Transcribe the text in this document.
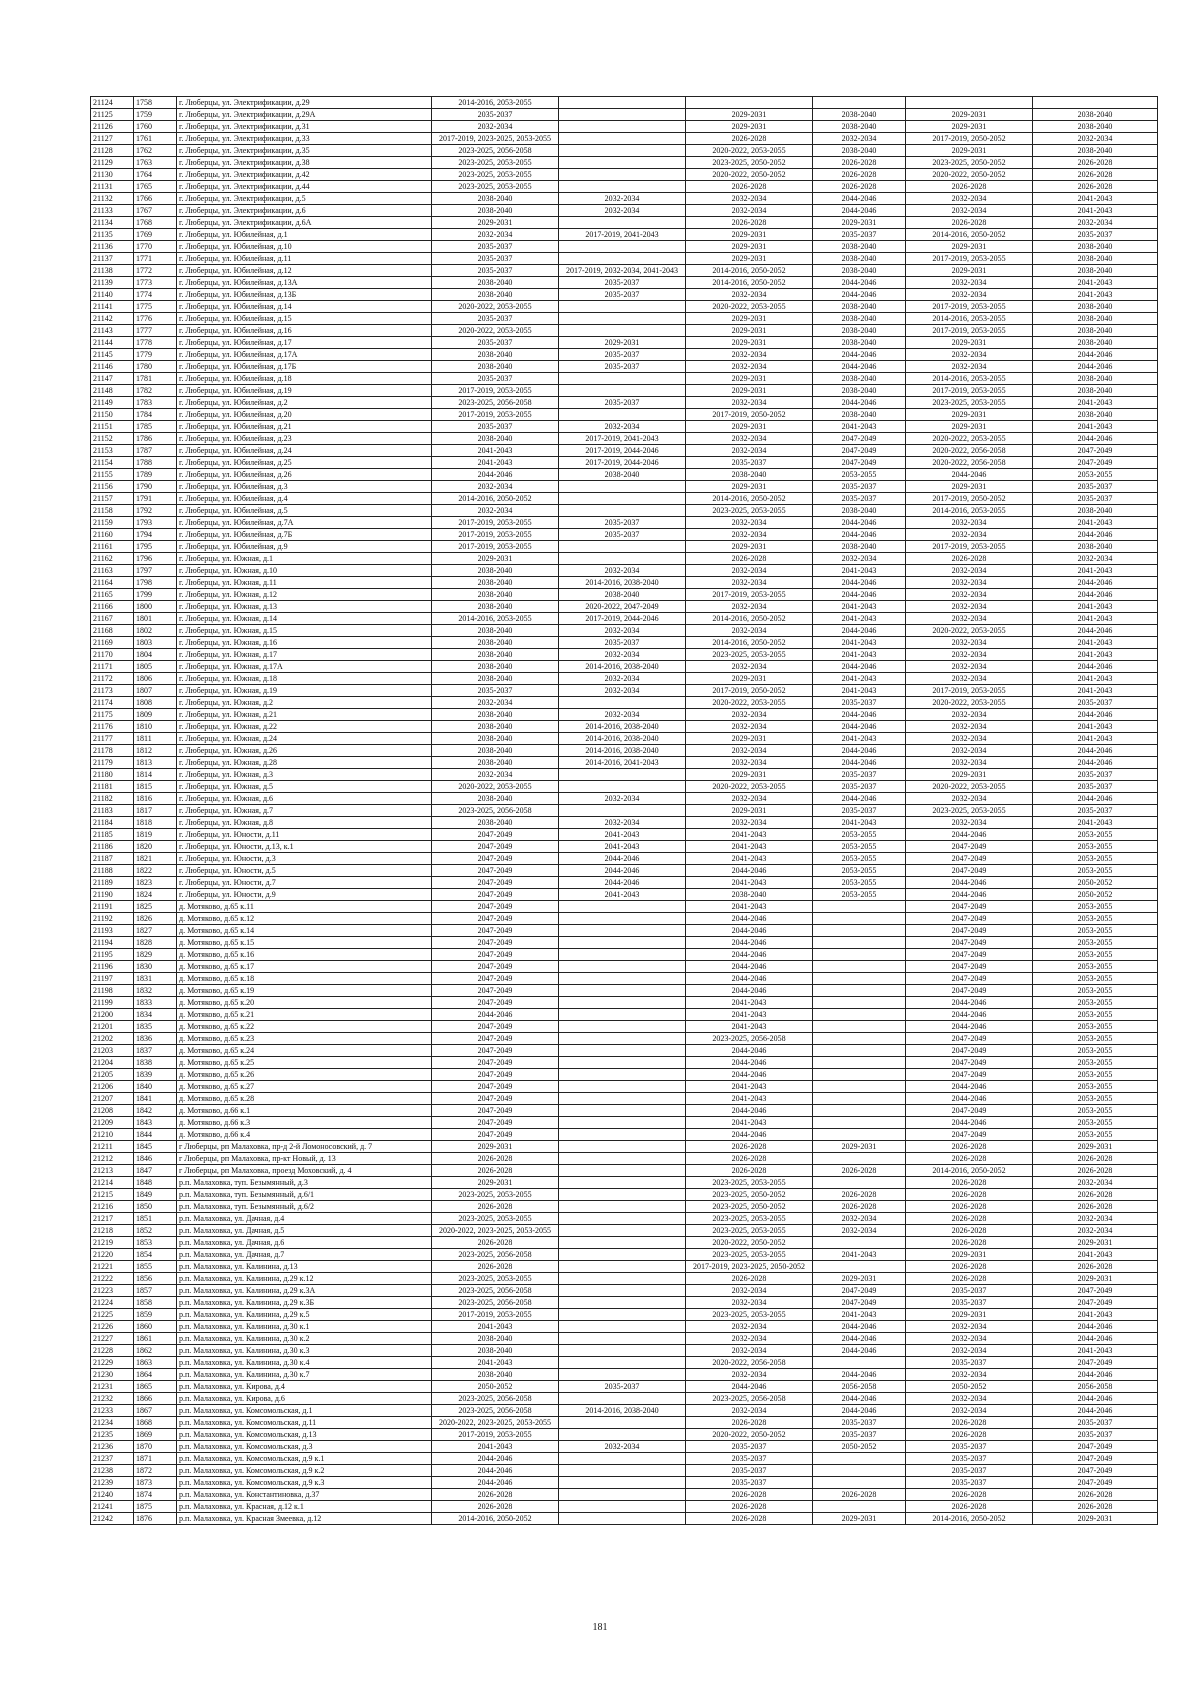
21124	1758	г. Люберцы, ул. Электрификации, д.29	2014-2016, 2053-2055					
21125	1759	г. Люберцы, ул. Электрификации, д.29А	2035-2037		2029-2031	2038-2040	2029-2031	2038-2040
21126	1760	г. Люберцы, ул. Электрификации, д.31	2032-2034		2029-2031	2038-2040	2029-2031	2038-2040
21127	1761	г. Люберцы, ул. Электрификации, д.33	2017-2019, 2023-2025, 2053-2055		2026-2028	2032-2034	2017-2019, 2050-2052	2032-2034
21128	1762	г. Люберцы, ул. Электрификации, д.35	2023-2025, 2056-2058		2020-2022, 2053-2055	2038-2040	2029-2031	2038-2040
21129	1763	г. Люберцы, ул. Электрификации, д.38	2023-2025, 2053-2055		2023-2025, 2050-2052	2026-2028	2023-2025, 2050-2052	2026-2028
21130	1764	г. Люберцы, ул. Электрификации, д.42	2023-2025, 2053-2055		2020-2022, 2050-2052	2026-2028	2020-2022, 2050-2052	2026-2028
21131	1765	г. Люберцы, ул. Электрификации, д.44	2023-2025, 2053-2055		2026-2028	2026-2028	2026-2028	2026-2028
21132	1766	г. Люберцы, ул. Электрификации, д.5	2038-2040	2032-2034	2032-2034	2044-2046	2032-2034	2041-2043
21133	1767	г. Люберцы, ул. Электрификации, д.6	2038-2040	2032-2034	2032-2034	2044-2046	2032-2034	2041-2043
21134	1768	г. Люберцы, ул. Электрификации, д.6А	2029-2031		2026-2028	2029-2031	2026-2028	2032-2034
21135	1769	г. Люберцы, ул. Юбилейная, д.1	2032-2034	2017-2019, 2041-2043	2029-2031	2035-2037	2014-2016, 2050-2052	2035-2037
21136	1770	г. Люберцы, ул. Юбилейная, д.10	2035-2037		2029-2031	2038-2040	2029-2031	2038-2040
21137	1771	г. Люберцы, ул. Юбилейная, д.11	2035-2037		2029-2031	2038-2040	2017-2019, 2053-2055	2038-2040
21138	1772	г. Люберцы, ул. Юбилейная, д.12	2035-2037	2017-2019, 2032-2034, 2041-2043	2014-2016, 2050-2052	2038-2040	2029-2031	2038-2040
21139	1773	г. Люберцы, ул. Юбилейная, д.13А	2038-2040	2035-2037	2014-2016, 2050-2052	2044-2046	2032-2034	2041-2043
21140	1774	г. Люберцы, ул. Юбилейная, д.13Б	2038-2040	2035-2037	2032-2034	2044-2046	2032-2034	2041-2043
21141	1775	г. Люберцы, ул. Юбилейная, д.14	2020-2022, 2053-2055		2020-2022, 2053-2055	2038-2040	2017-2019, 2053-2055	2038-2040
21142	1776	г. Люберцы, ул. Юбилейная, д.15	2035-2037		2029-2031	2038-2040	2014-2016, 2053-2055	2038-2040
21143	1777	г. Люберцы, ул. Юбилейная, д.16	2020-2022, 2053-2055		2029-2031	2038-2040	2017-2019, 2053-2055	2038-2040
21144	1778	г. Люберцы, ул. Юбилейная, д.17	2035-2037	2029-2031	2029-2031	2038-2040	2029-2031	2038-2040
21145	1779	г. Люберцы, ул. Юбилейная, д.17А	2038-2040	2035-2037	2032-2034	2044-2046	2032-2034	2044-2046
21146	1780	г. Люберцы, ул. Юбилейная, д.17Б	2038-2040	2035-2037	2032-2034	2044-2046	2032-2034	2044-2046
21147	1781	г. Люберцы, ул. Юбилейная, д.18	2035-2037		2029-2031	2038-2040	2014-2016, 2053-2055	2038-2040
21148	1782	г. Люберцы, ул. Юбилейная, д.19	2017-2019, 2053-2055		2029-2031	2038-2040	2017-2019, 2053-2055	2038-2040
21149	1783	г. Люберцы, ул. Юбилейная, д.2	2023-2025, 2056-2058	2035-2037	2032-2034	2044-2046	2023-2025, 2053-2055	2041-2043
21150	1784	г. Люберцы, ул. Юбилейная, д.20	2017-2019, 2053-2055		2017-2019, 2050-2052	2038-2040	2029-2031	2038-2040
21151	1785	г. Люберцы, ул. Юбилейная, д.21	2035-2037	2032-2034	2029-2031	2041-2043	2029-2031	2041-2043
21152	1786	г. Люберцы, ул. Юбилейная, д.23	2038-2040	2017-2019, 2041-2043	2032-2034	2047-2049	2020-2022, 2053-2055	2044-2046
21153	1787	г. Люберцы, ул. Юбилейная, д.24	2041-2043	2017-2019, 2044-2046	2032-2034	2047-2049	2020-2022, 2056-2058	2047-2049
21154	1788	г. Люберцы, ул. Юбилейная, д.25	2041-2043	2017-2019, 2044-2046	2035-2037	2047-2049	2020-2022, 2056-2058	2047-2049
21155	1789	г. Люберцы, ул. Юбилейная, д.26	2044-2046	2038-2040	2038-2040	2053-2055	2044-2046	2053-2055
21156	1790	г. Люберцы, ул. Юбилейная, д.3	2032-2034		2029-2031	2035-2037	2029-2031	2035-2037
21157	1791	г. Люберцы, ул. Юбилейная, д.4	2014-2016, 2050-2052		2014-2016, 2050-2052	2035-2037	2017-2019, 2050-2052	2035-2037
21158	1792	г. Люберцы, ул. Юбилейная, д.5	2032-2034		2023-2025, 2053-2055	2038-2040	2014-2016, 2053-2055	2038-2040
21159	1793	г. Люберцы, ул. Юбилейная, д.7А	2017-2019, 2053-2055	2035-2037	2032-2034	2044-2046	2032-2034	2041-2043
21160	1794	г. Люберцы, ул. Юбилейная, д.7Б	2017-2019, 2053-2055	2035-2037	2032-2034	2044-2046	2032-2034	2044-2046
21161	1795	г. Люберцы, ул. Юбилейная, д.9	2017-2019, 2053-2055		2029-2031	2038-2040	2017-2019, 2053-2055	2038-2040
21162	1796	г. Люберцы, ул. Южная, д.1	2029-2031		2026-2028	2032-2034	2026-2028	2032-2034
21163	1797	г. Люберцы, ул. Южная, д.10	2038-2040	2032-2034	2032-2034	2041-2043	2032-2034	2041-2043
21164	1798	г. Люберцы, ул. Южная, д.11	2038-2040	2014-2016, 2038-2040	2032-2034	2044-2046	2032-2034	2044-2046
21165	1799	г. Люберцы, ул. Южная, д.12	2038-2040	2038-2040	2017-2019, 2053-2055	2044-2046	2032-2034	2044-2046
21166	1800	г. Люберцы, ул. Южная, д.13	2038-2040	2020-2022, 2047-2049	2032-2034	2041-2043	2032-2034	2041-2043
21167	1801	г. Люберцы, ул. Южная, д.14	2014-2016, 2053-2055	2017-2019, 2044-2046	2014-2016, 2050-2052	2041-2043	2032-2034	2041-2043
21168	1802	г. Люберцы, ул. Южная, д.15	2038-2040	2032-2034	2032-2034	2044-2046	2020-2022, 2053-2055	2044-2046
21169	1803	г. Люберцы, ул. Южная, д.16	2038-2040	2035-2037	2014-2016, 2050-2052	2041-2043	2032-2034	2041-2043
21170	1804	г. Люберцы, ул. Южная, д.17	2038-2040	2032-2034	2023-2025, 2053-2055	2041-2043	2032-2034	2041-2043
21171	1805	г. Люберцы, ул. Южная, д.17А	2038-2040	2014-2016, 2038-2040	2032-2034	2044-2046	2032-2034	2044-2046
21172	1806	г. Люберцы, ул. Южная, д.18	2038-2040	2032-2034	2029-2031	2041-2043	2032-2034	2041-2043
21173	1807	г. Люберцы, ул. Южная, д.19	2035-2037	2032-2034	2017-2019, 2050-2052	2041-2043	2017-2019, 2053-2055	2041-2043
21174	1808	г. Люберцы, ул. Южная, д.2	2032-2034		2020-2022, 2053-2055	2035-2037	2020-2022, 2053-2055	2035-2037
21175	1809	г. Люберцы, ул. Южная, д.21	2038-2040	2032-2034	2032-2034	2044-2046	2032-2034	2044-2046
21176	1810	г. Люберцы, ул. Южная, д.22	2038-2040	2014-2016, 2038-2040	2032-2034	2044-2046	2032-2034	2041-2043
21177	1811	г. Люберцы, ул. Южная, д.24	2038-2040	2014-2016, 2038-2040	2029-2031	2041-2043	2032-2034	2041-2043
21178	1812	г. Люберцы, ул. Южная, д.26	2038-2040	2014-2016, 2038-2040	2032-2034	2044-2046	2032-2034	2044-2046
21179	1813	г. Люберцы, ул. Южная, д.28	2038-2040	2014-2016, 2041-2043	2032-2034	2044-2046	2032-2034	2044-2046
21180	1814	г. Люберцы, ул. Южная, д.3	2032-2034		2029-2031	2035-2037	2029-2031	2035-2037
21181	1815	г. Люберцы, ул. Южная, д.5	2020-2022, 2053-2055		2020-2022, 2053-2055	2035-2037	2020-2022, 2053-2055	2035-2037
21182	1816	г. Люберцы, ул. Южная, д.6	2038-2040	2032-2034	2032-2034	2044-2046	2032-2034	2044-2046
21183	1817	г. Люберцы, ул. Южная, д.7	2023-2025, 2056-2058		2029-2031	2035-2037	2023-2025, 2053-2055	2035-2037
21184	1818	г. Люберцы, ул. Южная, д.8	2038-2040	2032-2034	2032-2034	2041-2043	2032-2034	2041-2043
21185	1819	г. Люберцы, ул. Юности, д.11	2047-2049	2041-2043	2041-2043	2053-2055	2044-2046	2053-2055
21186	1820	г. Люберцы, ул. Юности, д.13, к.1	2047-2049	2041-2043	2041-2043	2053-2055	2047-2049	2053-2055
21187	1821	г. Люберцы, ул. Юности, д.3	2047-2049	2044-2046	2041-2043	2053-2055	2047-2049	2053-2055
21188	1822	г. Люберцы, ул. Юности, д.5	2047-2049	2044-2046	2044-2046	2053-2055	2047-2049	2053-2055
21189	1823	г. Люберцы, ул. Юности, д.7	2047-2049	2044-2046	2041-2043	2053-2055	2044-2046	2050-2052
21190	1824	г. Люберцы, ул. Юности, д.9	2047-2049	2041-2043	2038-2040	2053-2055	2044-2046	2050-2052
21191	1825	д. Мотяково, д.65 к.11	2047-2049		2041-2043		2047-2049	2053-2055
21192	1826	д. Мотяково, д.65 к.12	2047-2049		2044-2046		2047-2049	2053-2055
21193	1827	д. Мотяково, д.65 к.14	2047-2049		2044-2046		2047-2049	2053-2055
21194	1828	д. Мотяково, д.65 к.15	2047-2049		2044-2046		2047-2049	2053-2055
21195	1829	д. Мотяково, д.65 к.16	2047-2049		2044-2046		2047-2049	2053-2055
21196	1830	д. Мотяково, д.65 к.17	2047-2049		2044-2046		2047-2049	2053-2055
21197	1831	д. Мотяково, д.65 к.18	2047-2049		2044-2046		2047-2049	2053-2055
21198	1832	д. Мотяково, д.65 к.19	2047-2049		2044-2046		2047-2049	2053-2055
21199	1833	д. Мотяково, д.65 к.20	2047-2049		2041-2043		2044-2046	2053-2055
21200	1834	д. Мотяково, д.65 к.21	2044-2046		2041-2043		2044-2046	2053-2055
21201	1835	д. Мотяково, д.65 к.22	2047-2049		2041-2043		2044-2046	2053-2055
21202	1836	д. Мотяково, д.65 к.23	2047-2049		2023-2025, 2056-2058		2047-2049	2053-2055
21203	1837	д. Мотяково, д.65 к.24	2047-2049		2044-2046		2047-2049	2053-2055
21204	1838	д. Мотяково, д.65 к.25	2047-2049		2044-2046		2047-2049	2053-2055
21205	1839	д. Мотяково, д.65 к.26	2047-2049		2044-2046		2047-2049	2053-2055
21206	1840	д. Мотяково, д.65 к.27	2047-2049		2041-2043		2044-2046	2053-2055
21207	1841	д. Мотяково, д.65 к.28	2047-2049		2041-2043		2044-2046	2053-2055
21208	1842	д. Мотяково, д.66 к.1	2047-2049		2044-2046		2047-2049	2053-2055
21209	1843	д. Мотяково, д.66 к.3	2047-2049		2041-2043		2044-2046	2053-2055
21210	1844	д. Мотяково, д.66 к.4	2047-2049		2044-2046		2047-2049	2053-2055
21211	1845	г Люберцы, рп Малаховка, пр-д 2-й Ломоносовский, д. 7	2029-2031		2026-2028	2029-2031	2026-2028	2029-2031
21212	1846	г Люберцы, рп Малаховка, пр-кт Новый, д. 13	2026-2028		2026-2028		2026-2028	2026-2028
21213	1847	г Люберцы, рп Малаховка, проезд Моховский, д. 4	2026-2028		2026-2028	2026-2028	2014-2016, 2050-2052	2026-2028
21214	1848	р.п. Малаховка, туп. Безымянный, д.3	2029-2031		2023-2025, 2053-2055		2026-2028	2032-2034
21215	1849	р.п. Малаховка, туп. Безымянный, д.6/1	2023-2025, 2053-2055		2023-2025, 2050-2052	2026-2028	2026-2028	2026-2028
21216	1850	р.п. Малаховка, туп. Безымянный, д.6/2	2026-2028		2023-2025, 2050-2052	2026-2028	2026-2028	2026-2028
21217	1851	р.п. Малаховка, ул. Дачная, д.4	2023-2025, 2053-2055		2023-2025, 2053-2055	2032-2034	2026-2028	2032-2034
21218	1852	р.п. Малаховка, ул. Дачная, д.5	2020-2022, 2023-2025, 2053-2055		2023-2025, 2053-2055	2032-2034	2026-2028	2032-2034
21219	1853	р.п. Малаховка, ул. Дачная, д.6	2026-2028		2020-2022, 2050-2052		2026-2028	2029-2031
21220	1854	р.п. Малаховка, ул. Дачная, д.7	2023-2025, 2056-2058		2023-2025, 2053-2055	2041-2043	2029-2031	2041-2043
21221	1855	р.п. Малаховка, ул. Калинина, д.13	2026-2028		2017-2019, 2023-2025, 2050-2052		2026-2028	2026-2028
21222	1856	р.п. Малаховка, ул. Калинина, д.29 к.12	2023-2025, 2053-2055		2026-2028	2029-2031	2026-2028	2029-2031
21223	1857	р.п. Малаховка, ул. Калинина, д.29 к.3А	2023-2025, 2056-2058		2032-2034	2047-2049	2035-2037	2047-2049
21224	1858	р.п. Малаховка, ул. Калинина, д.29 к.3Б	2023-2025, 2056-2058		2032-2034	2047-2049	2035-2037	2047-2049
21225	1859	р.п. Малаховка, ул. Калинина, д.29 к.5	2017-2019, 2053-2055		2023-2025, 2053-2055	2041-2043	2029-2031	2041-2043
21226	1860	р.п. Малаховка, ул. Калинина, д.30 к.1	2041-2043		2032-2034	2044-2046	2032-2034	2044-2046
21227	1861	р.п. Малаховка, ул. Калинина, д.30 к.2	2038-2040		2032-2034	2044-2046	2032-2034	2044-2046
21228	1862	р.п. Малаховка, ул. Калинина, д.30 к.3	2038-2040		2032-2034	2044-2046	2032-2034	2041-2043
21229	1863	р.п. Малаховка, ул. Калинина, д.30 к.4	2041-2043		2020-2022, 2056-2058		2035-2037	2047-2049
21230	1864	р.п. Малаховка, ул. Калинина, д.30 к.7	2038-2040		2032-2034	2044-2046	2032-2034	2044-2046
21231	1865	р.п. Малаховка, ул. Кирова, д.4	2050-2052	2035-2037	2044-2046	2056-2058	2050-2052	2056-2058
21232	1866	р.п. Малаховка, ул. Кирова, д.6	2023-2025, 2056-2058		2023-2025, 2056-2058	2044-2046	2032-2034	2044-2046
21233	1867	р.п. Малаховка, ул. Комсомольская, д.1	2023-2025, 2056-2058	2014-2016, 2038-2040	2032-2034	2044-2046	2032-2034	2044-2046
21234	1868	р.п. Малаховка, ул. Комсомольская, д.11	2020-2022, 2023-2025, 2053-2055		2026-2028	2035-2037	2026-2028	2035-2037
21235	1869	р.п. Малаховка, ул. Комсомольская, д.13	2017-2019, 2053-2055		2020-2022, 2050-2052	2035-2037	2026-2028	2035-2037
21236	1870	р.п. Малаховка, ул. Комсомольская, д.3	2041-2043	2032-2034	2035-2037	2050-2052	2035-2037	2047-2049
21237	1871	р.п. Малаховка, ул. Комсомольская, д.9 к.1	2044-2046		2035-2037		2035-2037	2047-2049
21238	1872	р.п. Малаховка, ул. Комсомольская, д.9 к.2	2044-2046		2035-2037		2035-2037	2047-2049
21239	1873	р.п. Малаховка, ул. Комсомольская, д.9 к.3	2044-2046		2035-2037		2035-2037	2047-2049
21240	1874	р.п. Малаховка, ул. Константиновка, д.37	2026-2028		2026-2028	2026-2028	2026-2028	2026-2028
21241	1875	р.п. Малаховка, ул. Красная, д.12 к.1	2026-2028		2026-2028		2026-2028	2026-2028
21242	1876	р.п. Малаховка, ул. Красная Змеевка, д.12	2014-2016, 2050-2052		2026-2028	2029-2031	2014-2016, 2050-2052	2029-2031
181
